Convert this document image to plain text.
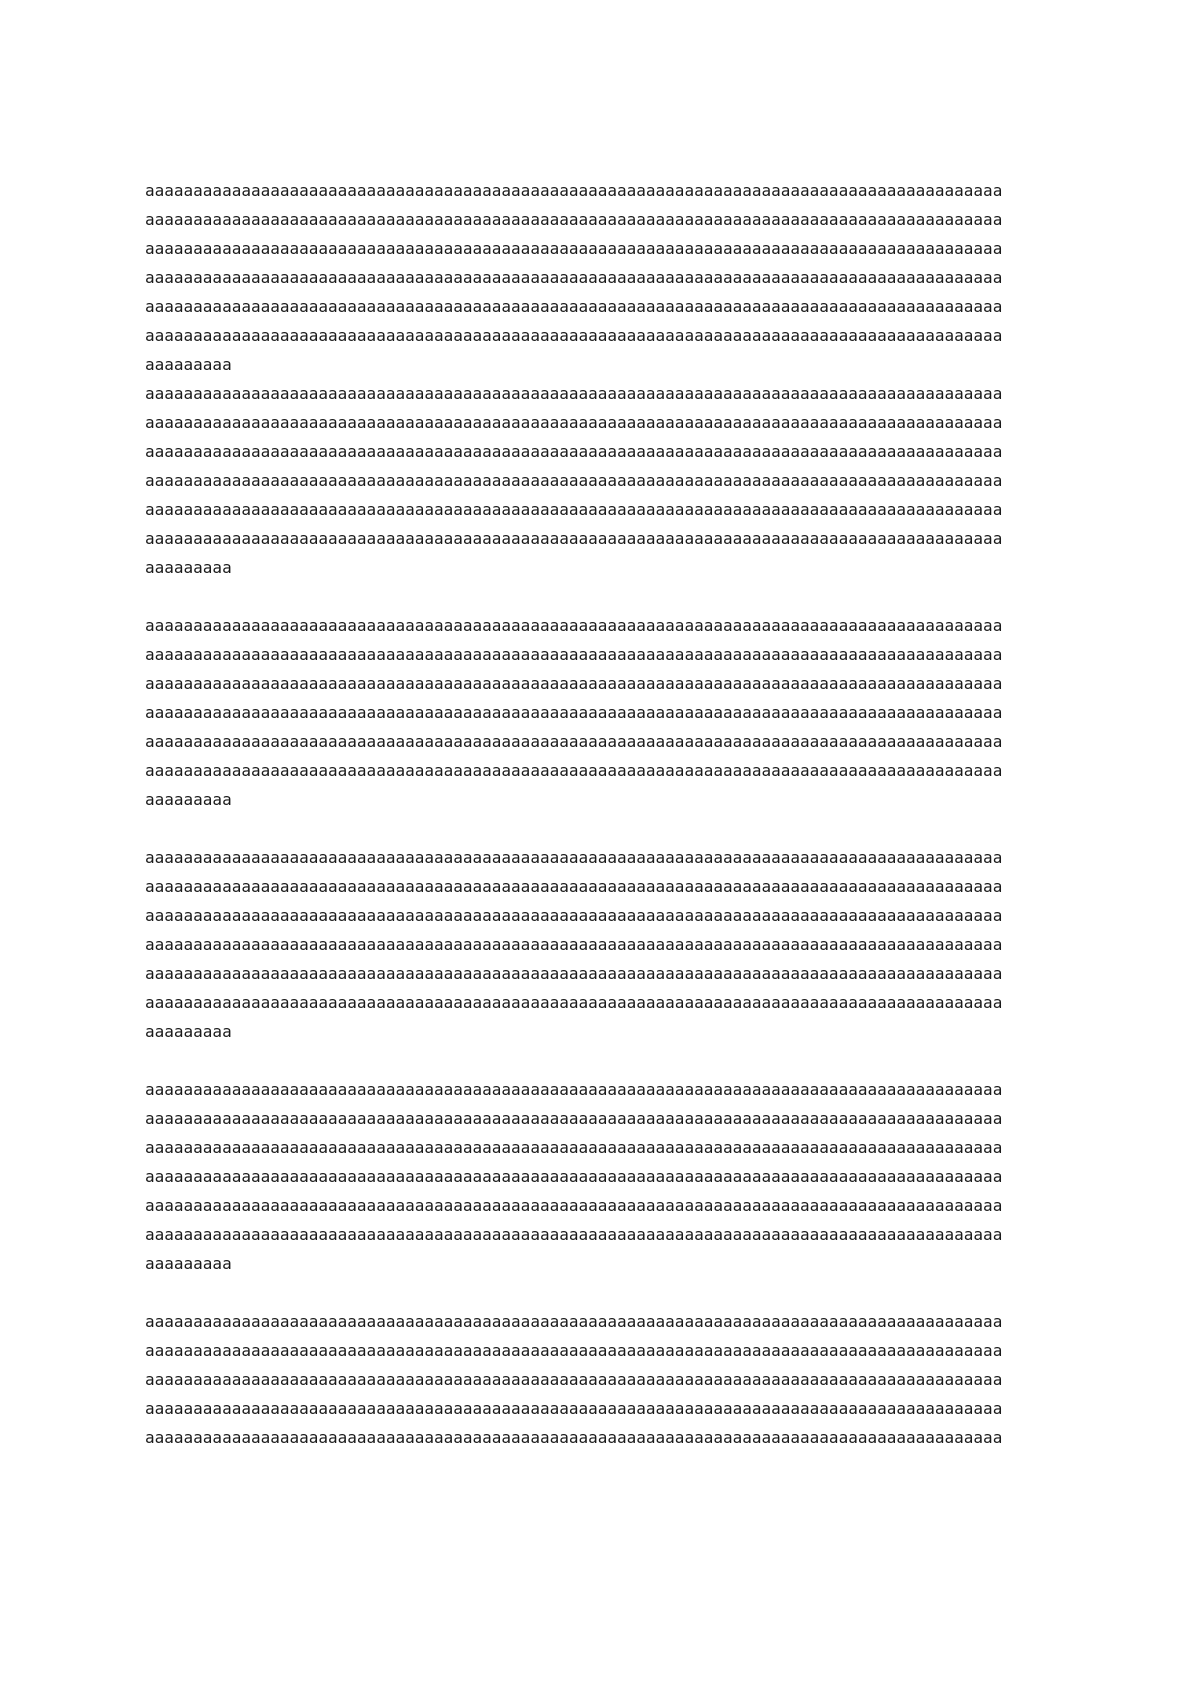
aaaaaaaaaaaaaaaaaaaaaaaaaaaaaaaaaaaaaaaaaaaaaaaaaaaaaaaaaaaaaaaaaaaaaaaaaaaaaaaaaaaaaaaaa
aaaaaaaaaaaaaaaaaaaaaaaaaaaaaaaaaaaaaaaaaaaaaaaaaaaaaaaaaaaaaaaaaaaaaaaaaaaaaaaaaaaaaaaaa
aaaaaaaaaaaaaaaaaaaaaaaaaaaaaaaaaaaaaaaaaaaaaaaaaaaaaaaaaaaaaaaaaaaaaaaaaaaaaaaaaaaaaaaaa
aaaaaaaaaaaaaaaaaaaaaaaaaaaaaaaaaaaaaaaaaaaaaaaaaaaaaaaaaaaaaaaaaaaaaaaaaaaaaaaaaaaaaaaaa
aaaaaaaaaaaaaaaaaaaaaaaaaaaaaaaaaaaaaaaaaaaaaaaaaaaaaaaaaaaaaaaaaaaaaaaaaaaaaaaaaaaaaaaaa
aaaaaaaaaaaaaaaaaaaaaaaaaaaaaaaaaaaaaaaaaaaaaaaaaaaaaaaaaaaaaaaaaaaaaaaaaaaaaaaaaaaaaaaaa
aaaaaaaaa
aaaaaaaaaaaaaaaaaaaaaaaaaaaaaaaaaaaaaaaaaaaaaaaaaaaaaaaaaaaaaaaaaaaaaaaaaaaaaaaaaaaaaaaaa
aaaaaaaaaaaaaaaaaaaaaaaaaaaaaaaaaaaaaaaaaaaaaaaaaaaaaaaaaaaaaaaaaaaaaaaaaaaaaaaaaaaaaaaaa
aaaaaaaaaaaaaaaaaaaaaaaaaaaaaaaaaaaaaaaaaaaaaaaaaaaaaaaaaaaaaaaaaaaaaaaaaaaaaaaaaaaaaaaaa
aaaaaaaaaaaaaaaaaaaaaaaaaaaaaaaaaaaaaaaaaaaaaaaaaaaaaaaaaaaaaaaaaaaaaaaaaaaaaaaaaaaaaaaaa
aaaaaaaaaaaaaaaaaaaaaaaaaaaaaaaaaaaaaaaaaaaaaaaaaaaaaaaaaaaaaaaaaaaaaaaaaaaaaaaaaaaaaaaaa
aaaaaaaaaaaaaaaaaaaaaaaaaaaaaaaaaaaaaaaaaaaaaaaaaaaaaaaaaaaaaaaaaaaaaaaaaaaaaaaaaaaaaaaaa
aaaaaaaaa
aaaaaaaaaaaaaaaaaaaaaaaaaaaaaaaaaaaaaaaaaaaaaaaaaaaaaaaaaaaaaaaaaaaaaaaaaaaaaaaaaaaaaaaaa
aaaaaaaaaaaaaaaaaaaaaaaaaaaaaaaaaaaaaaaaaaaaaaaaaaaaaaaaaaaaaaaaaaaaaaaaaaaaaaaaaaaaaaaaa
aaaaaaaaaaaaaaaaaaaaaaaaaaaaaaaaaaaaaaaaaaaaaaaaaaaaaaaaaaaaaaaaaaaaaaaaaaaaaaaaaaaaaaaaa
aaaaaaaaaaaaaaaaaaaaaaaaaaaaaaaaaaaaaaaaaaaaaaaaaaaaaaaaaaaaaaaaaaaaaaaaaaaaaaaaaaaaaaaaa
aaaaaaaaaaaaaaaaaaaaaaaaaaaaaaaaaaaaaaaaaaaaaaaaaaaaaaaaaaaaaaaaaaaaaaaaaaaaaaaaaaaaaaaaa
aaaaaaaaaaaaaaaaaaaaaaaaaaaaaaaaaaaaaaaaaaaaaaaaaaaaaaaaaaaaaaaaaaaaaaaaaaaaaaaaaaaaaaaaa
aaaaaaaaa
aaaaaaaaaaaaaaaaaaaaaaaaaaaaaaaaaaaaaaaaaaaaaaaaaaaaaaaaaaaaaaaaaaaaaaaaaaaaaaaaaaaaaaaaa
aaaaaaaaaaaaaaaaaaaaaaaaaaaaaaaaaaaaaaaaaaaaaaaaaaaaaaaaaaaaaaaaaaaaaaaaaaaaaaaaaaaaaaaaa
aaaaaaaaaaaaaaaaaaaaaaaaaaaaaaaaaaaaaaaaaaaaaaaaaaaaaaaaaaaaaaaaaaaaaaaaaaaaaaaaaaaaaaaaa
aaaaaaaaaaaaaaaaaaaaaaaaaaaaaaaaaaaaaaaaaaaaaaaaaaaaaaaaaaaaaaaaaaaaaaaaaaaaaaaaaaaaaaaaa
aaaaaaaaaaaaaaaaaaaaaaaaaaaaaaaaaaaaaaaaaaaaaaaaaaaaaaaaaaaaaaaaaaaaaaaaaaaaaaaaaaaaaaaaa
aaaaaaaaaaaaaaaaaaaaaaaaaaaaaaaaaaaaaaaaaaaaaaaaaaaaaaaaaaaaaaaaaaaaaaaaaaaaaaaaaaaaaaaaa
aaaaaaaaa
aaaaaaaaaaaaaaaaaaaaaaaaaaaaaaaaaaaaaaaaaaaaaaaaaaaaaaaaaaaaaaaaaaaaaaaaaaaaaaaaaaaaaaaaa
aaaaaaaaaaaaaaaaaaaaaaaaaaaaaaaaaaaaaaaaaaaaaaaaaaaaaaaaaaaaaaaaaaaaaaaaaaaaaaaaaaaaaaaaa
aaaaaaaaaaaaaaaaaaaaaaaaaaaaaaaaaaaaaaaaaaaaaaaaaaaaaaaaaaaaaaaaaaaaaaaaaaaaaaaaaaaaaaaaa
aaaaaaaaaaaaaaaaaaaaaaaaaaaaaaaaaaaaaaaaaaaaaaaaaaaaaaaaaaaaaaaaaaaaaaaaaaaaaaaaaaaaaaaaa
aaaaaaaaaaaaaaaaaaaaaaaaaaaaaaaaaaaaaaaaaaaaaaaaaaaaaaaaaaaaaaaaaaaaaaaaaaaaaaaaaaaaaaaaa
aaaaaaaaaaaaaaaaaaaaaaaaaaaaaaaaaaaaaaaaaaaaaaaaaaaaaaaaaaaaaaaaaaaaaaaaaaaaaaaaaaaaaaaaa
aaaaaaaaa
aaaaaaaaaaaaaaaaaaaaaaaaaaaaaaaaaaaaaaaaaaaaaaaaaaaaaaaaaaaaaaaaaaaaaaaaaaaaaaaaaaaaaaaaa
aaaaaaaaaaaaaaaaaaaaaaaaaaaaaaaaaaaaaaaaaaaaaaaaaaaaaaaaaaaaaaaaaaaaaaaaaaaaaaaaaaaaaaaaa
aaaaaaaaaaaaaaaaaaaaaaaaaaaaaaaaaaaaaaaaaaaaaaaaaaaaaaaaaaaaaaaaaaaaaaaaaaaaaaaaaaaaaaaaa
aaaaaaaaaaaaaaaaaaaaaaaaaaaaaaaaaaaaaaaaaaaaaaaaaaaaaaaaaaaaaaaaaaaaaaaaaaaaaaaaaaaaaaaaa
aaaaaaaaaaaaaaaaaaaaaaaaaaaaaaaaaaaaaaaaaaaaaaaaaaaaaaaaaaaaaaaaaaaaaaaaaaaaaaaaaaaaaaaaa
